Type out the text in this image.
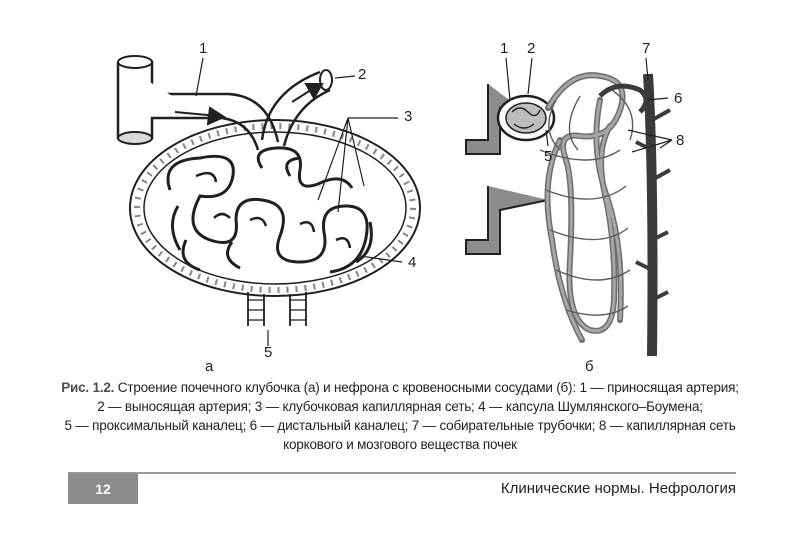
1
2
3
4
5
а
1 2
5
7
6
8
б
Рис. 1.2. Строение почечного клубочка (а) и нефрона с кровеносными сосудами (б): 1 — приносящая артерия;
2 — выносящая артерия; 3 — клубочковая капиллярная сеть; 4 — капсула Шумлянского–Боумена;
5 — проксимальный каналец; 6 — дистальный каналец; 7 — собирательные трубочки; 8 — капиллярная сеть
коркового и мозгового вещества почек
12	Клинические нормы. Нефрология
